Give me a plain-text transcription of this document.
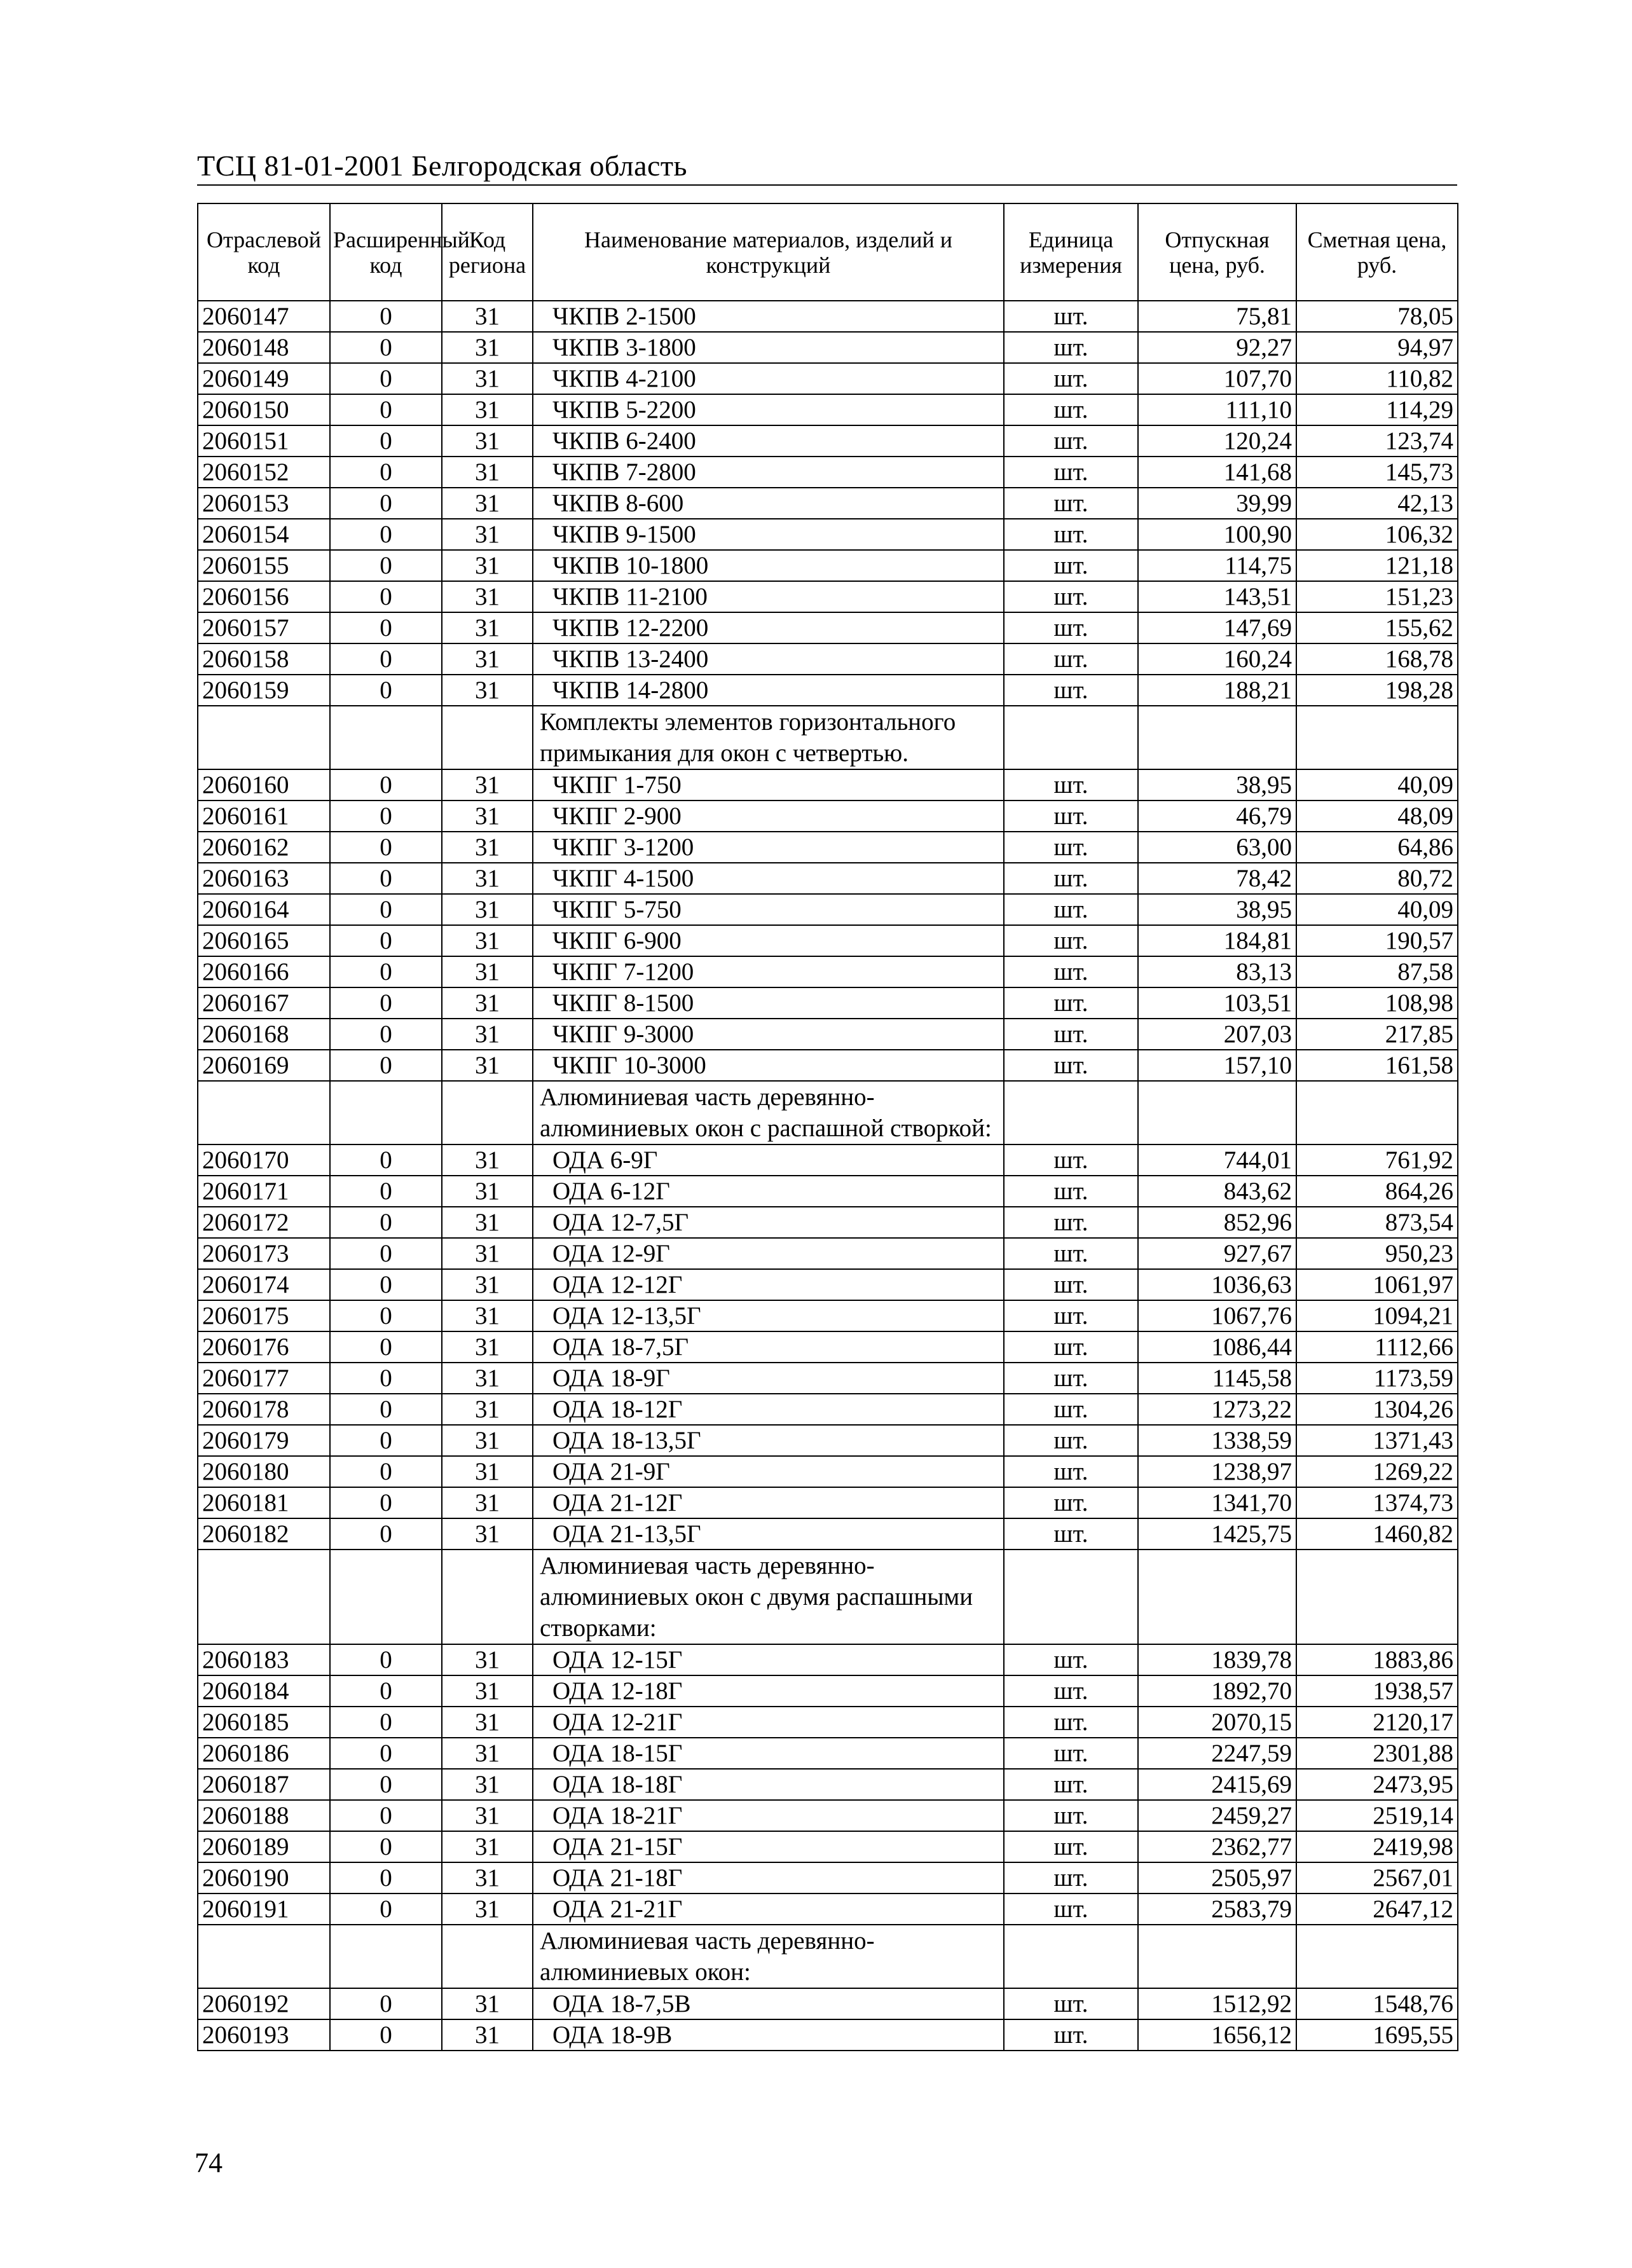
ТСЦ 81-01-2001 Белгородская область
Отраслевой код	Расширенный код	Код региона	Наименование материалов, изделий и конструкций	Единица измерения	Отпускная цена, руб.	Сметная цена, руб.
2060147	0	31	ЧКПВ 2-1500	шт.	75,81	78,05
2060148	0	31	ЧКПВ 3-1800	шт.	92,27	94,97
2060149	0	31	ЧКПВ 4-2100	шт.	107,70	110,82
2060150	0	31	ЧКПВ 5-2200	шт.	111,10	114,29
2060151	0	31	ЧКПВ 6-2400	шт.	120,24	123,74
2060152	0	31	ЧКПВ 7-2800	шт.	141,68	145,73
2060153	0	31	ЧКПВ 8-600	шт.	39,99	42,13
2060154	0	31	ЧКПВ 9-1500	шт.	100,90	106,32
2060155	0	31	ЧКПВ 10-1800	шт.	114,75	121,18
2060156	0	31	ЧКПВ 11-2100	шт.	143,51	151,23
2060157	0	31	ЧКПВ 12-2200	шт.	147,69	155,62
2060158	0	31	ЧКПВ 13-2400	шт.	160,24	168,78
2060159	0	31	ЧКПВ 14-2800	шт.	188,21	198,28
			Комплекты элементов горизонтального примыкания для окон с четвертью.			
2060160	0	31	ЧКПГ 1-750	шт.	38,95	40,09
2060161	0	31	ЧКПГ 2-900	шт.	46,79	48,09
2060162	0	31	ЧКПГ 3-1200	шт.	63,00	64,86
2060163	0	31	ЧКПГ 4-1500	шт.	78,42	80,72
2060164	0	31	ЧКПГ 5-750	шт.	38,95	40,09
2060165	0	31	ЧКПГ 6-900	шт.	184,81	190,57
2060166	0	31	ЧКПГ 7-1200	шт.	83,13	87,58
2060167	0	31	ЧКПГ 8-1500	шт.	103,51	108,98
2060168	0	31	ЧКПГ 9-3000	шт.	207,03	217,85
2060169	0	31	ЧКПГ 10-3000	шт.	157,10	161,58
			Алюминиевая часть деревянно-алюминиевых окон с распашной створкой:			
2060170	0	31	ОДА 6-9Г	шт.	744,01	761,92
2060171	0	31	ОДА 6-12Г	шт.	843,62	864,26
2060172	0	31	ОДА 12-7,5Г	шт.	852,96	873,54
2060173	0	31	ОДА 12-9Г	шт.	927,67	950,23
2060174	0	31	ОДА 12-12Г	шт.	1036,63	1061,97
2060175	0	31	ОДА 12-13,5Г	шт.	1067,76	1094,21
2060176	0	31	ОДА 18-7,5Г	шт.	1086,44	1112,66
2060177	0	31	ОДА 18-9Г	шт.	1145,58	1173,59
2060178	0	31	ОДА 18-12Г	шт.	1273,22	1304,26
2060179	0	31	ОДА 18-13,5Г	шт.	1338,59	1371,43
2060180	0	31	ОДА 21-9Г	шт.	1238,97	1269,22
2060181	0	31	ОДА 21-12Г	шт.	1341,70	1374,73
2060182	0	31	ОДА 21-13,5Г	шт.	1425,75	1460,82
			Алюминиевая часть деревянно-алюминиевых окон с двумя распашными створками:			
2060183	0	31	ОДА 12-15Г	шт.	1839,78	1883,86
2060184	0	31	ОДА 12-18Г	шт.	1892,70	1938,57
2060185	0	31	ОДА 12-21Г	шт.	2070,15	2120,17
2060186	0	31	ОДА 18-15Г	шт.	2247,59	2301,88
2060187	0	31	ОДА 18-18Г	шт.	2415,69	2473,95
2060188	0	31	ОДА 18-21Г	шт.	2459,27	2519,14
2060189	0	31	ОДА 21-15Г	шт.	2362,77	2419,98
2060190	0	31	ОДА 21-18Г	шт.	2505,97	2567,01
2060191	0	31	ОДА 21-21Г	шт.	2583,79	2647,12
			Алюминиевая часть деревянно-алюминиевых окон:			
2060192	0	31	ОДА 18-7,5В	шт.	1512,92	1548,76
2060193	0	31	ОДА 18-9В	шт.	1656,12	1695,55
74
